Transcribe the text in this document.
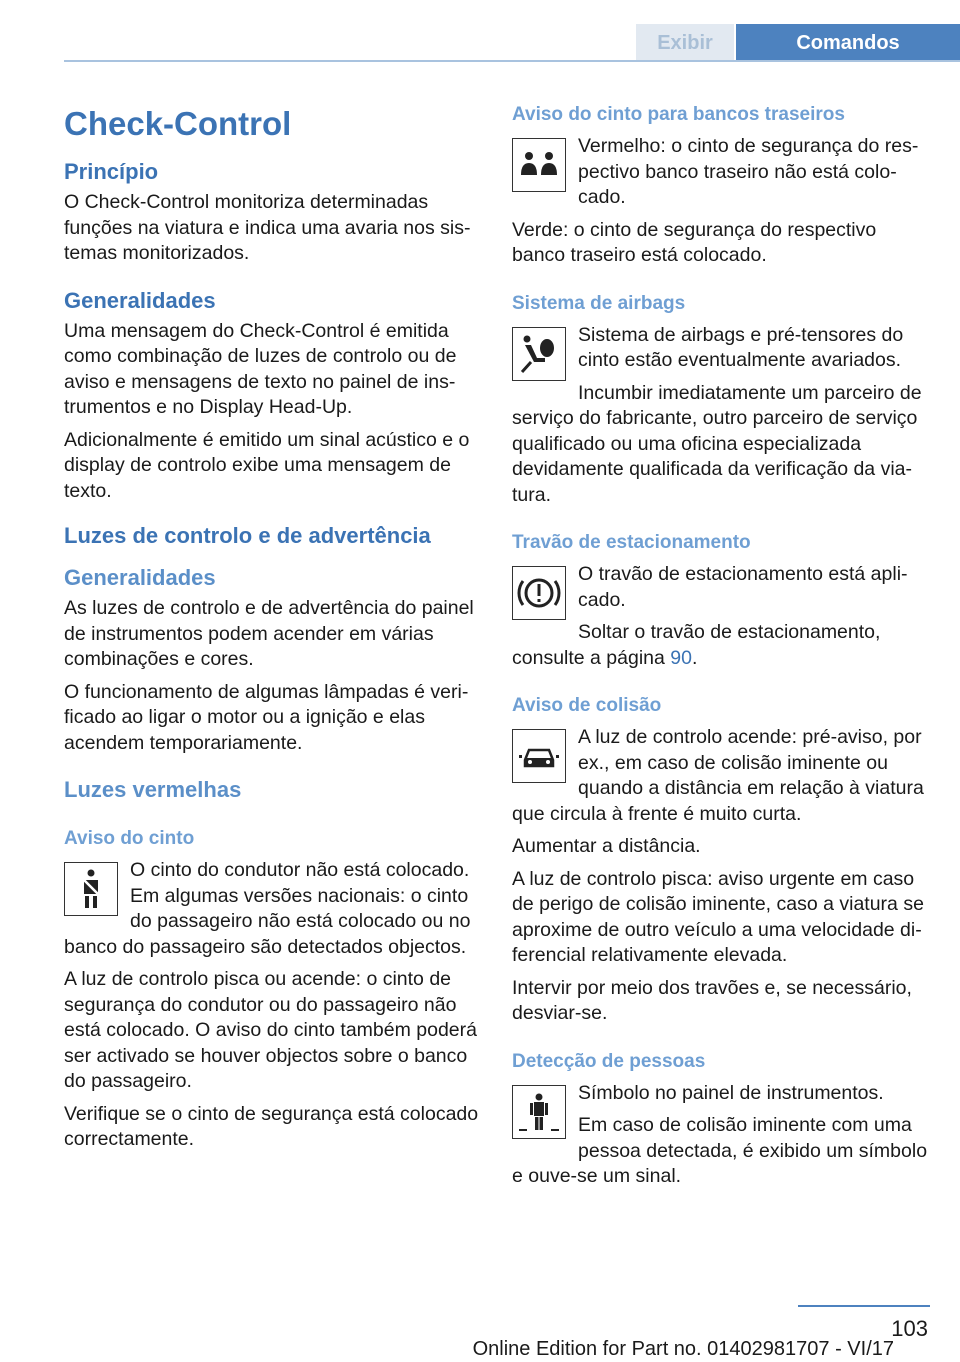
Exibir	Comandos
Check-Control
Princípio

O Check-Control monitoriza determinadas funções na viatura e indica uma avaria nos sistemas monitorizados.

Generalidades

Uma mensagem do Check-Control é emitida como combinação de luzes de controlo ou de aviso e mensagens de texto no painel de instrumentos e no Display Head-Up.

Adicionalmente é emitido um sinal acústico e o display de controlo exibe uma mensagem de texto.

Luzes de controlo e de advertência
Generalidades

As luzes de controlo e de advertência do painel de instrumentos podem acender em várias combinações e cores.

O funcionamento de algumas lâmpadas é verificado ao ligar o motor ou a ignição e elas acendem temporariamente.

Luzes vermelhas
Aviso do cinto

O cinto do condutor não está colocado. Em algumas versões nacionais: o cinto do passageiro não está colocado ou no banco do passageiro são detectados objectos.

A luz de controlo pisca ou acende: o cinto de segurança do condutor ou do passageiro não está colocado. O aviso do cinto também poderá ser activado se houver objectos sobre o banco do passageiro.

Verifique se o cinto de segurança está colocado correctamente.

Aviso do cinto para bancos traseiros

Vermelho: o cinto de segurança do respectivo banco traseiro não está colocado.

Verde: o cinto de segurança do respectivo banco traseiro está colocado.

Sistema de airbags

Sistema de airbags e pré-tensores do cinto estão eventualmente avariados.

Incumbir imediatamente um parceiro de serviço do fabricante, outro parceiro de serviço qualificado ou uma oficina especializada devidamente qualificada da verificação da viatura.

Travão de estacionamento

O travão de estacionamento está aplicado.

Soltar o travão de estacionamento, consulte a página 90.

Aviso de colisão

A luz de controlo acende: pré-aviso, por ex., em caso de colisão iminente ou quando a distância em relação à viatura que circula à frente é muito curta.

Aumentar a distância.

A luz de controlo pisca: aviso urgente em caso de perigo de colisão iminente, caso a viatura se aproxime de outro veículo a uma velocidade diferencial relativamente elevada.

Intervir por meio dos travões e, se necessário, desviar-se.

Detecção de pessoas

Símbolo no painel de instrumentos.

Em caso de colisão iminente com uma pessoa detectada, é exibido um símbolo e ouve-se um sinal.

103
Online Edition for Part no. 01402981707 - VI/17
